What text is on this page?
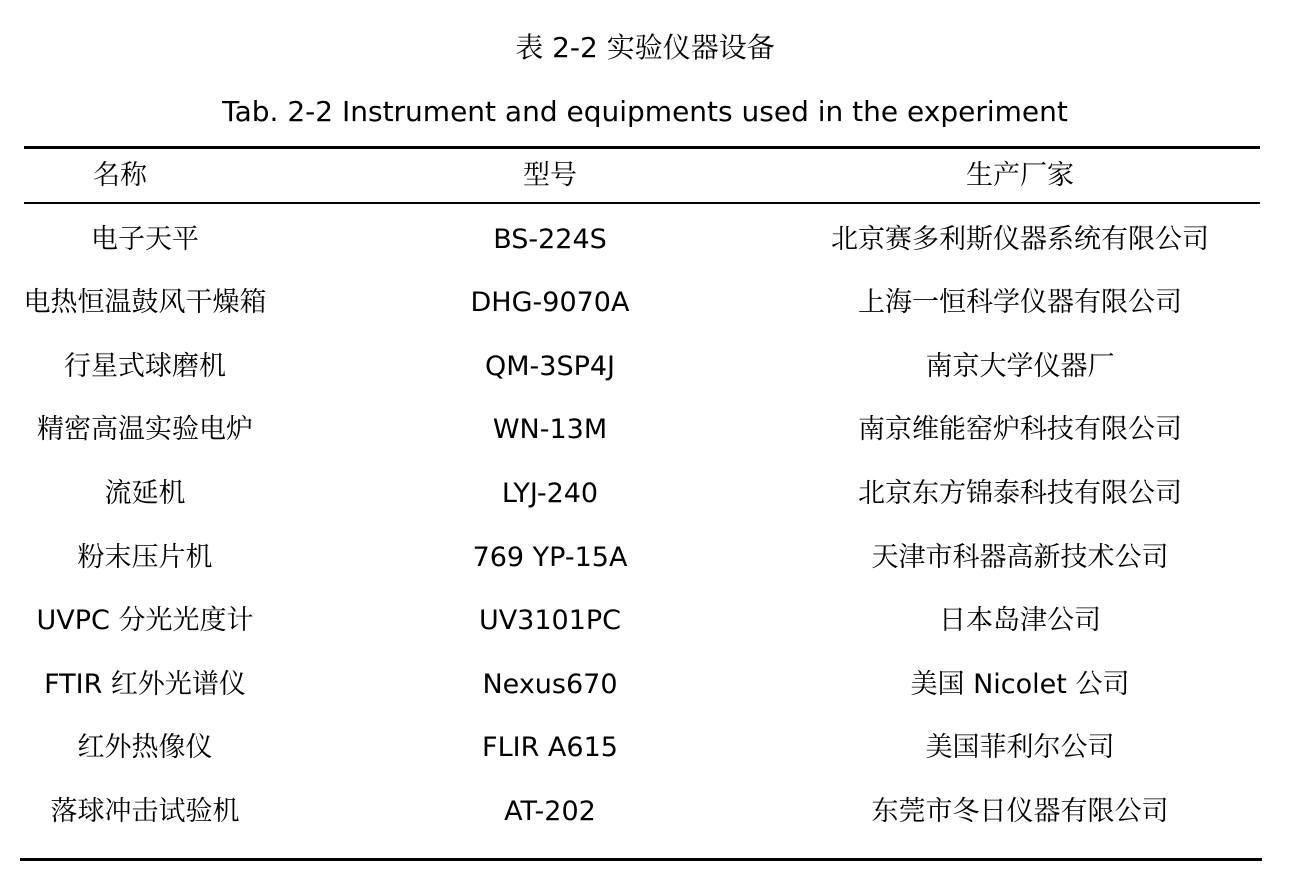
表 2-2 实验仪器设备
Tab. 2-2 Instrument and equipments used in the experiment
名称	型号	生产厂家
电子天平	BS-224S	北京赛多利斯仪器系统有限公司
电热恒温鼓风干燥箱	DHG-9070A	上海一恒科学仪器有限公司
行星式球磨机	QM-3SP4J	南京大学仪器厂
精密高温实验电炉	WN-13M	南京维能窑炉科技有限公司
流延机	LYJ-240	北京东方锦泰科技有限公司
粉末压片机	769 YP-15A	天津市科器高新技术公司
UVPC 分光光度计	UV3101PC	日本岛津公司
FTIR 红外光谱仪	Nexus670	美国 Nicolet 公司
红外热像仪	FLIR A615	美国菲利尔公司
落球冲击试验机	AT-202	东莞市冬日仪器有限公司
